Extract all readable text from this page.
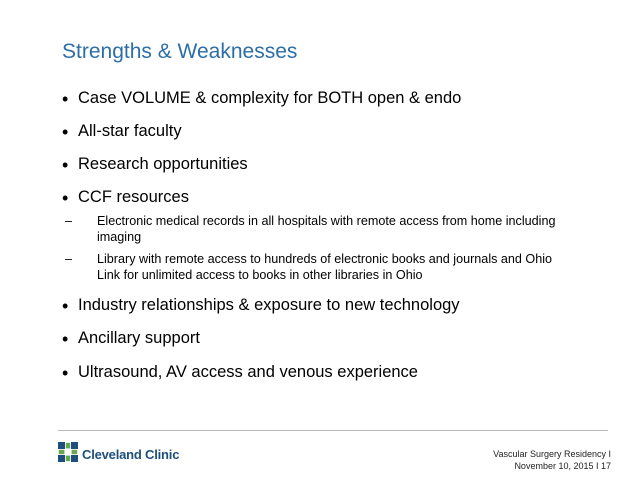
Strengths & Weaknesses
• Case VOLUME & complexity for BOTH open & endo
• All-star faculty
• Research opportunities
• CCF resources
– Electronic medical records in all hospitals with remote access from home including imaging
– Library with remote access to hundreds of electronic books and journals and Ohio Link for unlimited access to books in other libraries in Ohio
• Industry relationships & exposure to new technology
• Ancillary support
• Ultrasound, AV access and venous experience
Cleveland Clinic	Vascular Surgery Residency I
November 10, 2015 I 17
